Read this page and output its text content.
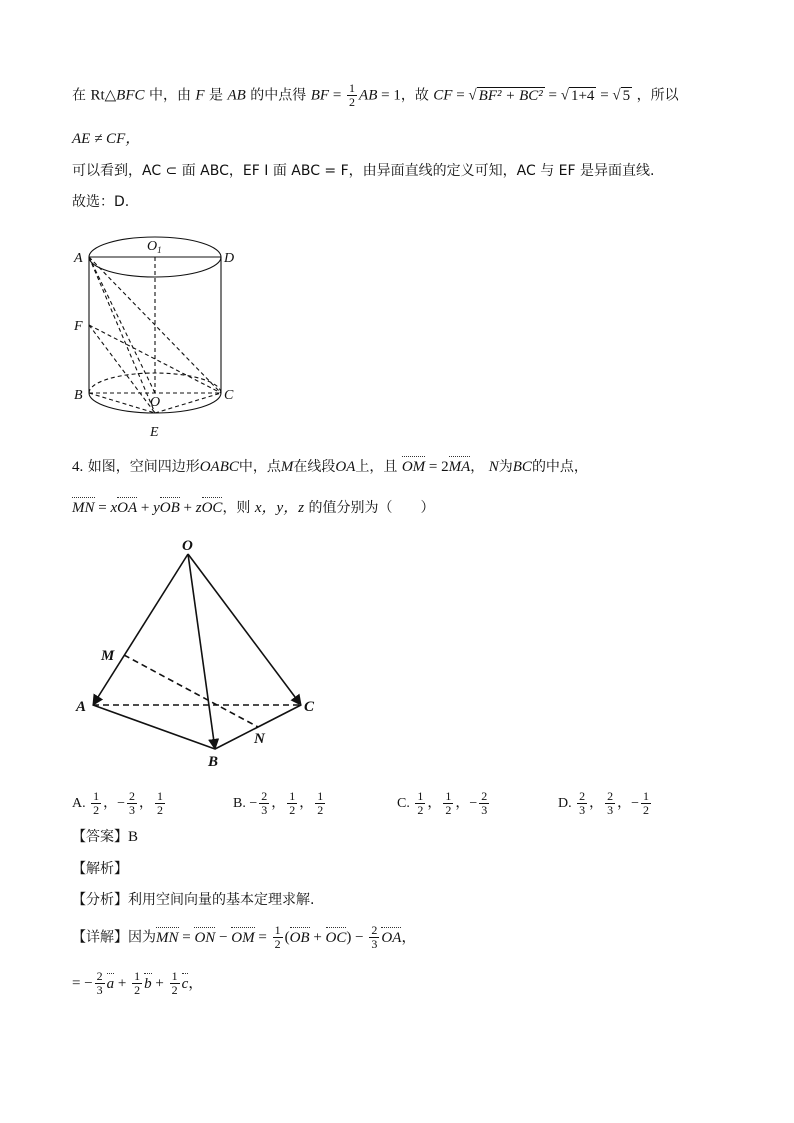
在 Rt△BFC 中，由 F 是 AB 的中点得 BF = $\frac{1}{2}$ AB = 1，故 CF = √ BF² + BC² = √ 1+4 = √ 5 ，所以
AE ≠ CF，
可以看到，AC ⊂ 面 ABC，EF I 面 ABC = F，由异面直线的定义可知，AC 与 EF 是异面直线.
故选：D.
A
$O_1$
D
F
B	O	C
E
4. 如图，空间四边形OABC中，点M在线段OA上，且 OM = 2MA， N为BC的中点，
MN = xOA + yOB + zOC，则 x，y，z 的值分别为（　　）
O
M
A	C
N
B
A. $\frac{1}{2}$ ，− $\frac{2}{3}$ ， $\frac{1}{2}$	B. − $\frac{2}{3}$ ， $\frac{1}{2}$ ， $\frac{1}{2}$	C. $\frac{1}{2}$ ， $\frac{1}{2}$ ，− $\frac{2}{3}$	D. $\frac{2}{3}$ ， $\frac{2}{3}$ ，− $\frac{1}{2}$
【答案】B
【解析】
【分析】利用空间向量的基本定理求解.
【详解】因为MN = ON − OM = $\frac{1}{2} (OB + OC) - \frac{2}{3}$ OA，
= − $\frac{2}{3}$ $a + \frac{1}{2}$ $b + \frac{1}{2}$ c，
